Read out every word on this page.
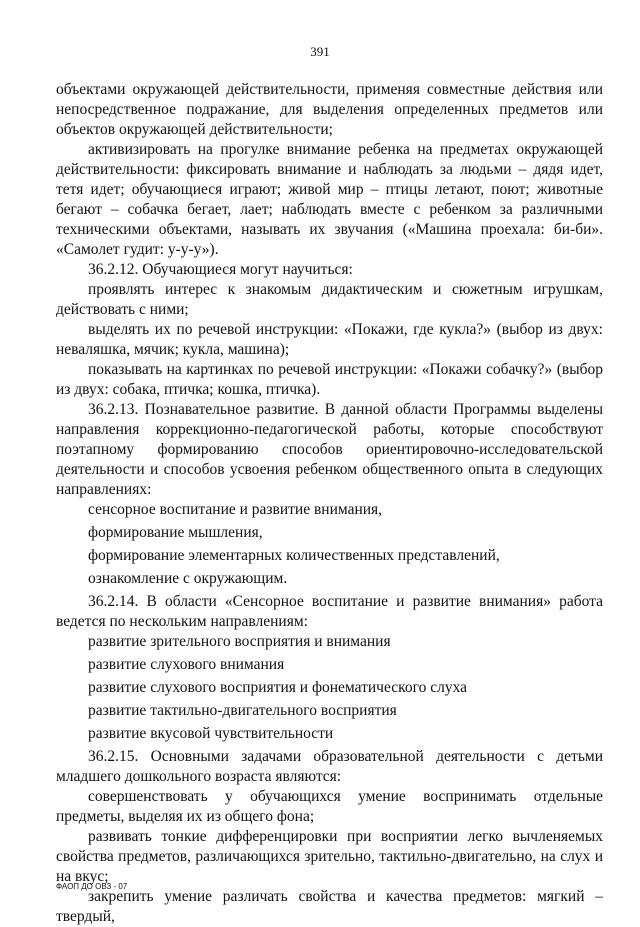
391

объектами окружающей действительности, применяя совместные действия или непосредственное подражание, для выделения определенных предметов или объектов окружающей действительности;

активизировать на прогулке внимание ребенка на предметах окружающей действительности: фиксировать внимание и наблюдать за людьми – дядя идет, тетя идет; обучающиеся играют; живой мир – птицы летают, поют; животные бегают – собачка бегает, лает; наблюдать вместе с ребенком за различными техническими объектами, называть их звучания («Машина проехала: би-би». «Самолет гудит: у-у-у»).

36.2.12. Обучающиеся могут научиться:

проявлять интерес к знакомым дидактическим и сюжетным игрушкам, действовать с ними;

выделять их по речевой инструкции: «Покажи, где кукла?» (выбор из двух: неваляшка, мячик; кукла, машина);

показывать на картинках по речевой инструкции: «Покажи собачку?» (выбор из двух: собака, птичка; кошка, птичка).

36.2.13. Познавательное развитие. В данной области Программы выделены направления коррекционно-педагогической работы, которые способствуют поэтапному формированию способов ориентировочно-исследовательской деятельности и способов усвоения ребенком общественного опыта в следующих направлениях:

сенсорное воспитание и развитие внимания,

формирование мышления,

формирование элементарных количественных представлений,

ознакомление с окружающим.

36.2.14. В области «Сенсорное воспитание и развитие внимания» работа ведется по нескольким направлениям:

развитие зрительного восприятия и внимания

развитие слухового внимания

развитие слухового восприятия и фонематического слуха

развитие тактильно-двигательного восприятия

развитие вкусовой чувствительности

36.2.15. Основными задачами образовательной деятельности с детьми младшего дошкольного возраста являются:

совершенствовать у обучающихся умение воспринимать отдельные предметы, выделяя их из общего фона;

развивать тонкие дифференцировки при восприятии легко вычленяемых свойства предметов, различающихся зрительно, тактильно-двигательно, на слух и на вкус;

закрепить умение различать свойства и качества предметов: мягкий – твердый,

ФАОП ДО ОВЗ - 07
